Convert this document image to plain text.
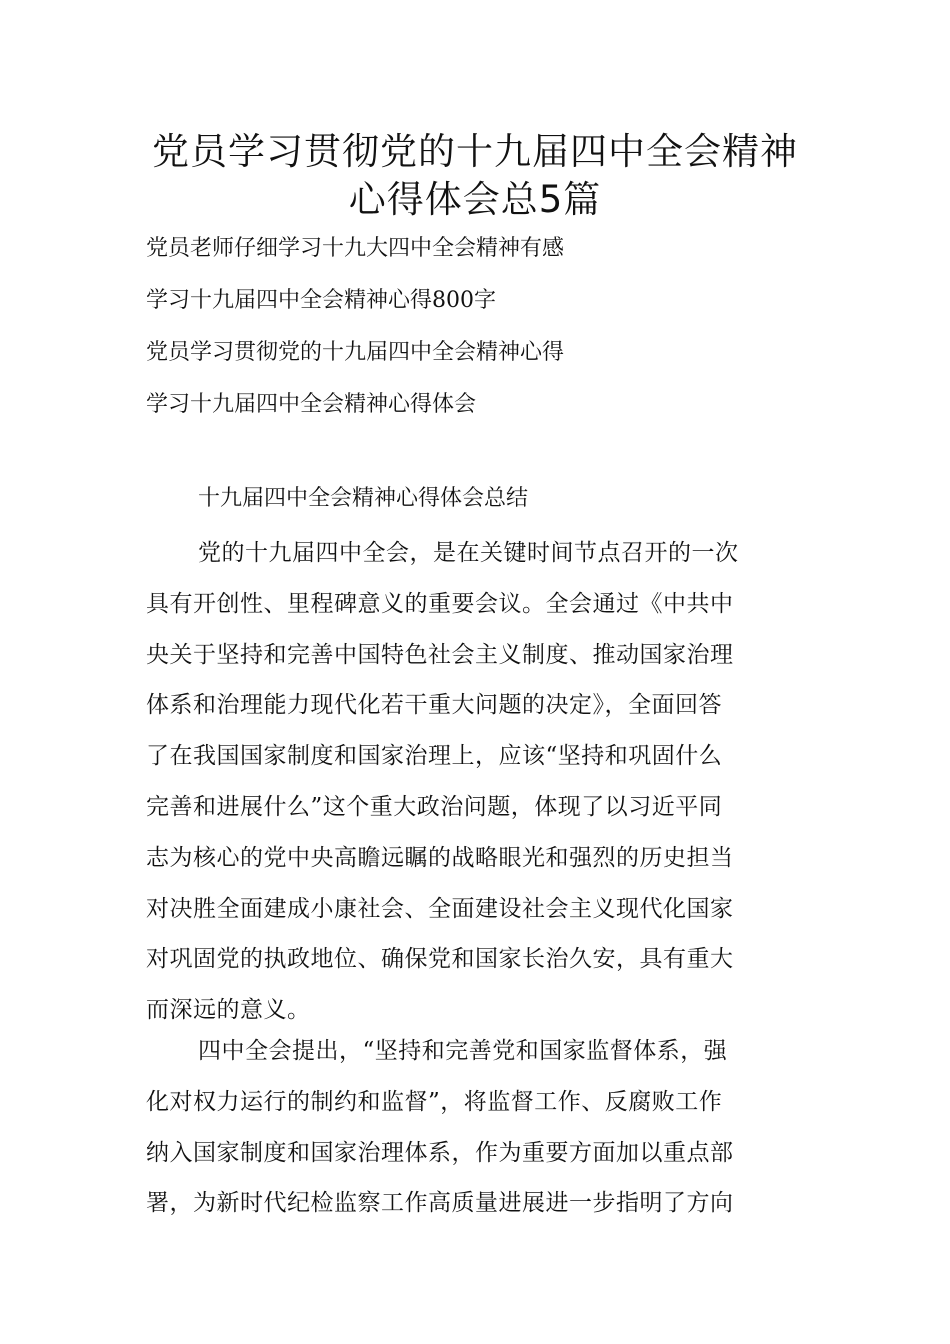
党员学习贯彻党的十九届四中全会精神
心得体会总5篇
党员老师仔细学习十九大四中全会精神有感
学习十九届四中全会精神心得800字
党员学习贯彻党的十九届四中全会精神心得
学习十九届四中全会精神心得体会
十九届四中全会精神心得体会总结
党的十九届四中全会，是在关键时间节点召开的一次
具有开创性、里程碑意义的重要会议。全会通过《中共中
央关于坚持和完善中国特色社会主义制度、推动国家治理
体系和治理能力现代化若干重大问题的决定》，全面回答
了在我国国家制度和国家治理上，应该“坚持和巩固什么
完善和进展什么”这个重大政治问题，体现了以习近平同
志为核心的党中央高瞻远瞩的战略眼光和强烈的历史担当
对决胜全面建成小康社会、全面建设社会主义现代化国家
对巩固党的执政地位、确保党和国家长治久安，具有重大
而深远的意义。
四中全会提出，“坚持和完善党和国家监督体系，强
化对权力运行的制约和监督”，将监督工作、反腐败工作
纳入国家制度和国家治理体系，作为重要方面加以重点部
署，为新时代纪检监察工作高质量进展进一步指明了方向
